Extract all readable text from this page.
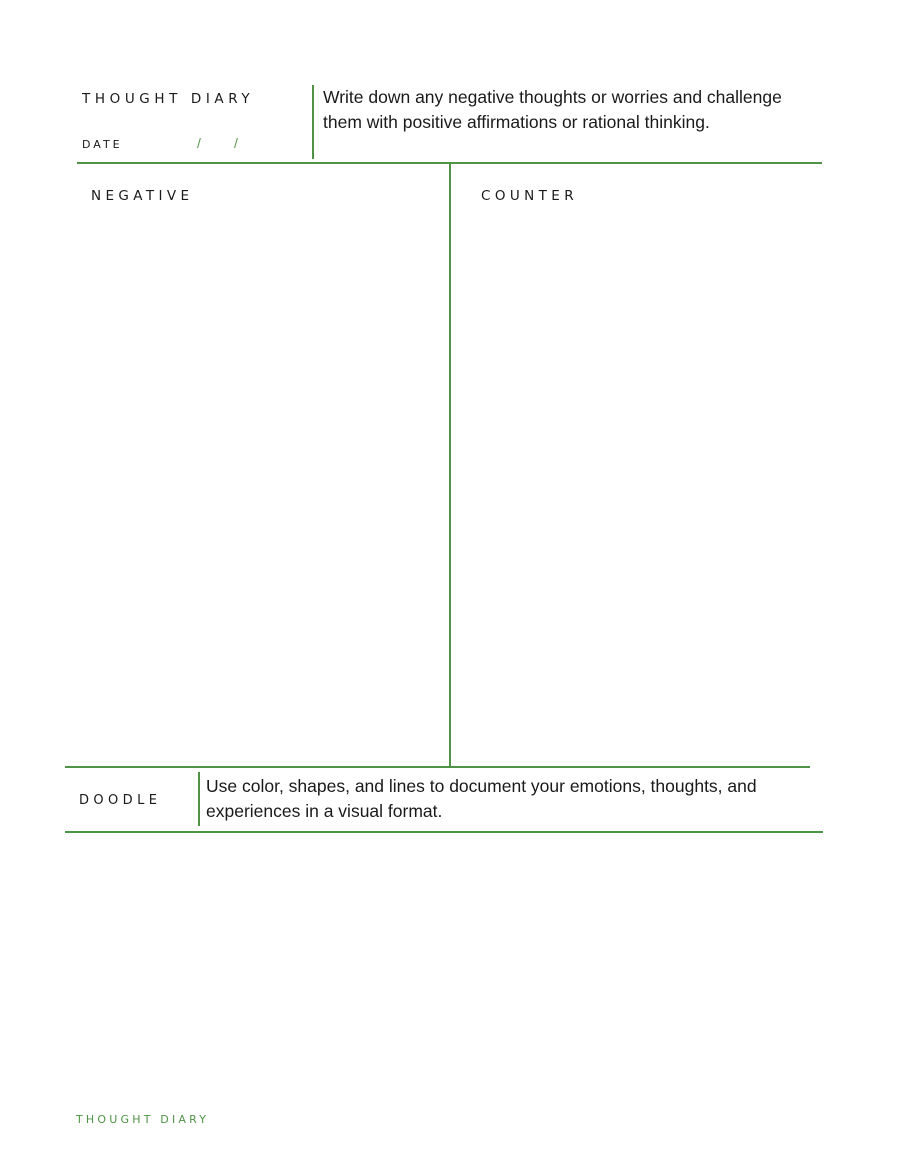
THOUGHT DIARY
DATE	/ /
Write down any negative thoughts or worries and challenge them with positive affirmations or rational thinking.
NEGATIVE	COUNTER
DOODLE
Use color, shapes, and lines to document your emotions, thoughts, and experiences in a visual format.
THOUGHT DIARY
